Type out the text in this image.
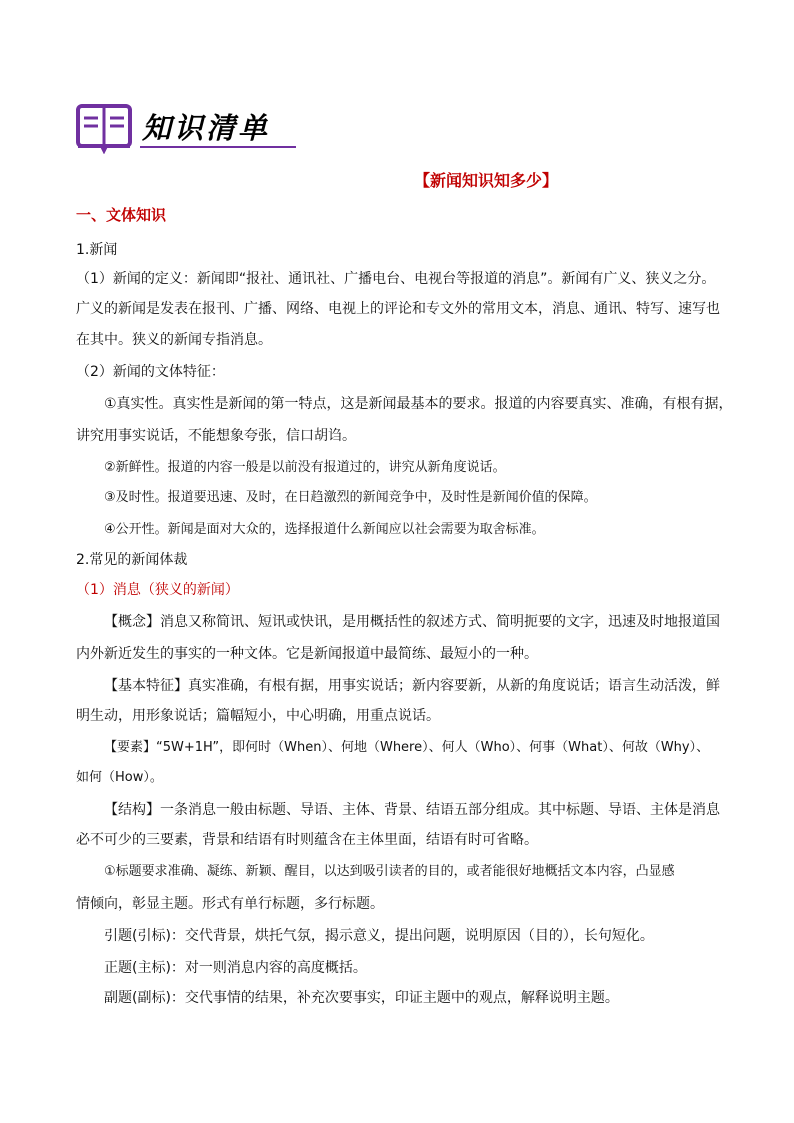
知识清单
【新闻知识知多少】
一、文体知识
1.新闻
（1）新闻的定义：新闻即“报社、通讯社、广播电台、电视台等报道的消息”。新闻有广义、狭义之分。
广义的新闻是发表在报刊、广播、网络、电视上的评论和专文外的常用文本，消息、通讯、特写、速写也
在其中。狭义的新闻专指消息。
（2）新闻的文体特征：
①真实性。真实性是新闻的第一特点，这是新闻最基本的要求。报道的内容要真实、准确，有根有据，
讲究用事实说话，不能想象夸张，信口胡诌。
②新鲜性。报道的内容一般是以前没有报道过的，讲究从新角度说话。
③及时性。报道要迅速、及时，在日趋激烈的新闻竞争中，及时性是新闻价值的保障。
④公开性。新闻是面对大众的，选择报道什么新闻应以社会需要为取舍标准。
2.常见的新闻体裁
（1）消息（狭义的新闻）
【概念】消息又称简讯、短讯或快讯，是用概括性的叙述方式、简明扼要的文字，迅速及时地报道国
内外新近发生的事实的一种文体。它是新闻报道中最简练、最短小的一种。
【基本特征】真实准确，有根有据，用事实说话；新内容要新，从新的角度说话；语言生动活泼，鲜
明生动，用形象说话；篇幅短小，中心明确，用重点说话。
【要素】“5W+1H”，即何时（When）、何地（Where）、何人（Who）、何事（What）、何故（Why）、
如何（How）。
【结构】一条消息一般由标题、导语、主体、背景、结语五部分组成。其中标题、导语、主体是消息
必不可少的三要素，背景和结语有时则蕴含在主体里面，结语有时可省略。
①标题要求准确、凝练、新颖、醒目，以达到吸引读者的目的，或者能很好地概括文本内容，凸显感
情倾向，彰显主题。形式有单行标题，多行标题。
引题(引标)：交代背景，烘托气氛，揭示意义，提出问题，说明原因（目的），长句短化。
正题(主标)：对一则消息内容的高度概括。
副题(副标)：交代事情的结果，补充次要事实，印证主题中的观点，解释说明主题。
